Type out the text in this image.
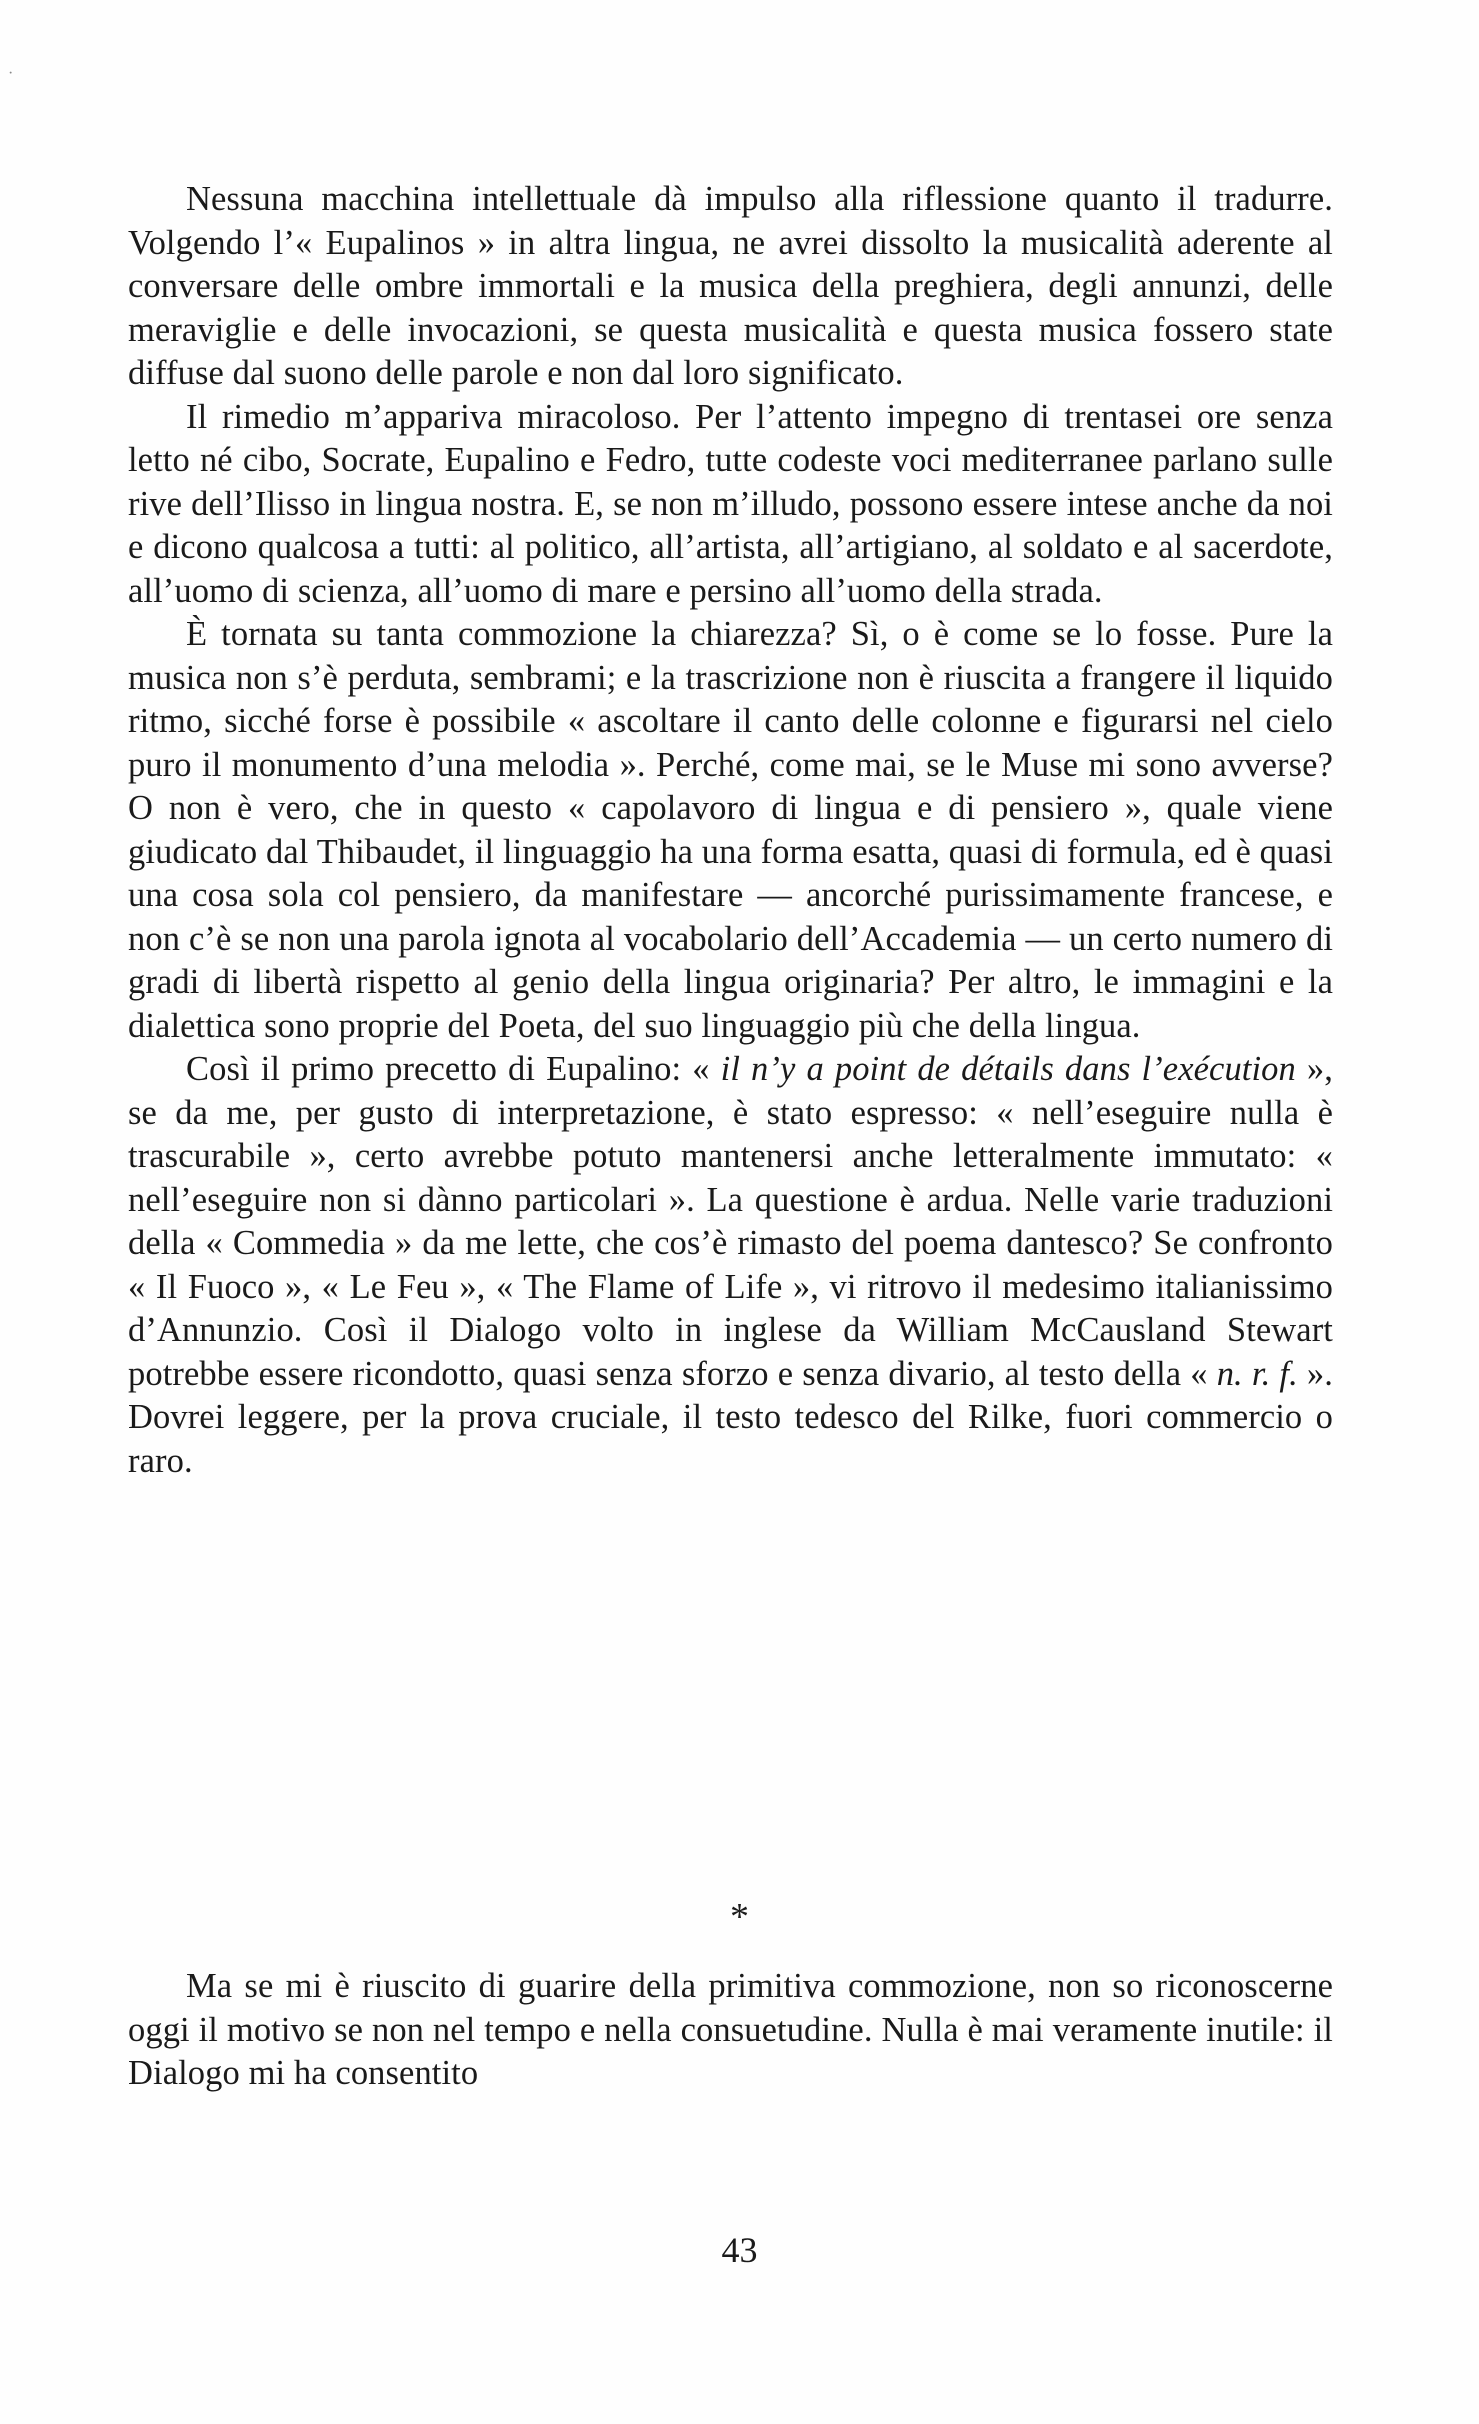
·

Nessuna macchina intellettuale dà impulso alla riflessione quanto il tradurre. Volgendo l’« Eupalinos » in altra lingua, ne avrei dissolto la musicalità aderente al conversare delle ombre immortali e la musica della preghiera, degli annunzi, delle meraviglie e delle invocazioni, se questa musicalità e questa musica fossero state diffuse dal suono delle parole e non dal loro significato.

Il rimedio m’appariva miracoloso. Per l’attento impegno di trentasei ore senza letto né cibo, Socrate, Eupalino e Fedro, tutte codeste voci mediterranee parlano sulle rive dell’Ilisso in lingua nostra. E, se non m’illudo, possono essere intese anche da noi e dicono qualcosa a tutti: al politico, all’artista, all’artigiano, al soldato e al sacerdote, all’uomo di scienza, all’uomo di mare e persino all’uomo della strada.

È tornata su tanta commozione la chiarezza? Sì, o è come se lo fosse. Pure la musica non s’è perduta, sembrami; e la trascrizione non è riuscita a frangere il liquido ritmo, sicché forse è possibile « ascoltare il canto delle colonne e figurarsi nel cielo puro il monumento d’una melodia ». Perché, come mai, se le Muse mi sono avverse? O non è vero, che in questo « capolavoro di lingua e di pensiero », quale viene giudicato dal Thibaudet, il linguaggio ha una forma esatta, quasi di formula, ed è quasi una cosa sola col pensiero, da manifestare — ancorché purissimamente francese, e non c’è se non una parola ignota al vocabolario dell’Accademia — un certo numero di gradi di libertà rispetto al genio della lingua originaria? Per altro, le immagini e la dialettica sono proprie del Poeta, del suo linguaggio più che della lingua.

Così il primo precetto di Eupalino: « il n’y a point de détails dans l’exécution », se da me, per gusto di interpretazione, è stato espresso: « nell’eseguire nulla è trascurabile », certo avrebbe potuto mantenersi anche letteralmente immutato: « nell’eseguire non si dànno particolari ». La questione è ardua. Nelle varie traduzioni della « Commedia » da me lette, che cos’è rimasto del poema dantesco? Se confronto « Il Fuoco », « Le Feu », « The Flame of Life », vi ritrovo il medesimo italianissimo d’Annunzio. Così il Dialogo volto in inglese da William McCausland Stewart potrebbe essere ricondotto, quasi senza sforzo e senza divario, al testo della « n. r. f. ». Dovrei leggere, per la prova cruciale, il testo tedesco del Rilke, fuori commercio o raro.

*

Ma se mi è riuscito di guarire della primitiva commozione, non so riconoscerne oggi il motivo se non nel tempo e nella consuetudine. Nulla è mai veramente inutile: il Dialogo mi ha consentito

43
